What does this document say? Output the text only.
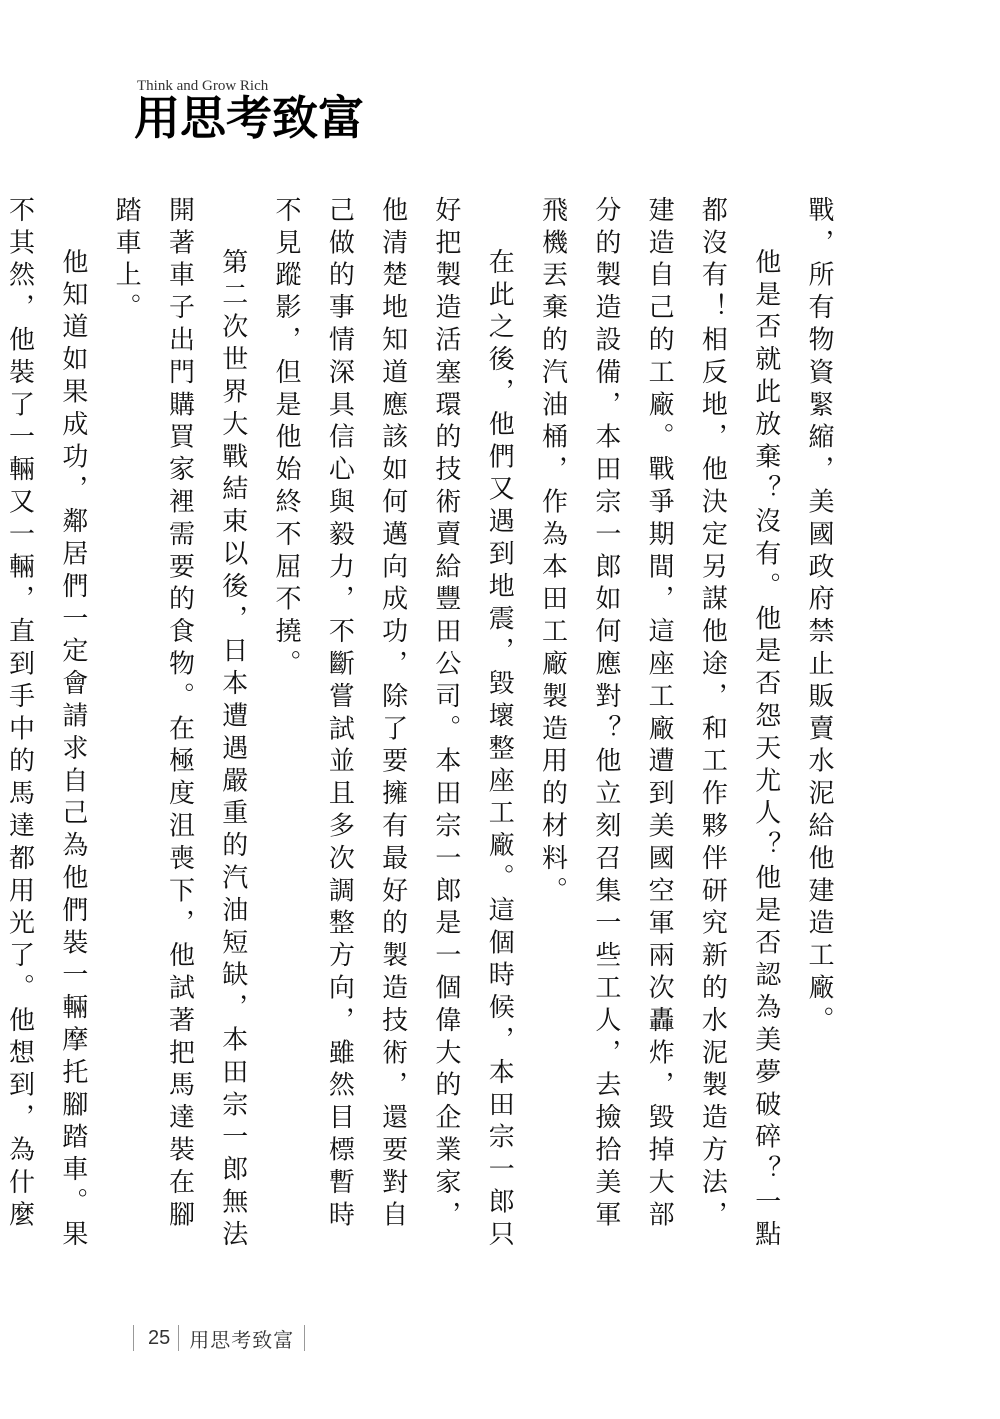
Think and Grow Rich
用思考致富

戰，所有物資緊縮，美國政府禁止販賣水泥給他建造工廠。

他是否就此放棄？沒有。他是否怨天尤人？他是否認為美夢破碎？一點都沒有！相反地，他決定另謀他途，和工作夥伴研究新的水泥製造方法，建造自己的工廠。戰爭期間，這座工廠遭到美國空軍兩次轟炸，毀掉大部分的製造設備，本田宗一郎如何應對？他立刻召集一些工人，去撿拾美軍飛機丟棄的汽油桶，作為本田工廠製造用的材料。

在此之後，他們又遇到地震，毀壞整座工廠。這個時候，本田宗一郎只好把製造活塞環的技術賣給豐田公司。本田宗一郎是一個偉大的企業家，他清楚地知道應該如何邁向成功，除了要擁有最好的製造技術，還要對自己做的事情深具信心與毅力，不斷嘗試並且多次調整方向，雖然目標暫時不見蹤影，但是他始終不屈不撓。

第二次世界大戰結束以後，日本遭遇嚴重的汽油短缺，本田宗一郎無法開著車子出門購買家裡需要的食物。在極度沮喪下，他試著把馬達裝在腳踏車上。

他知道如果成功，鄰居們一定會請求自己為他們裝一輛摩托腳踏車。果不其然，他裝了一輛又一輛，直到手中的馬達都用光了。他想到，為什麼

25 用思考致富
